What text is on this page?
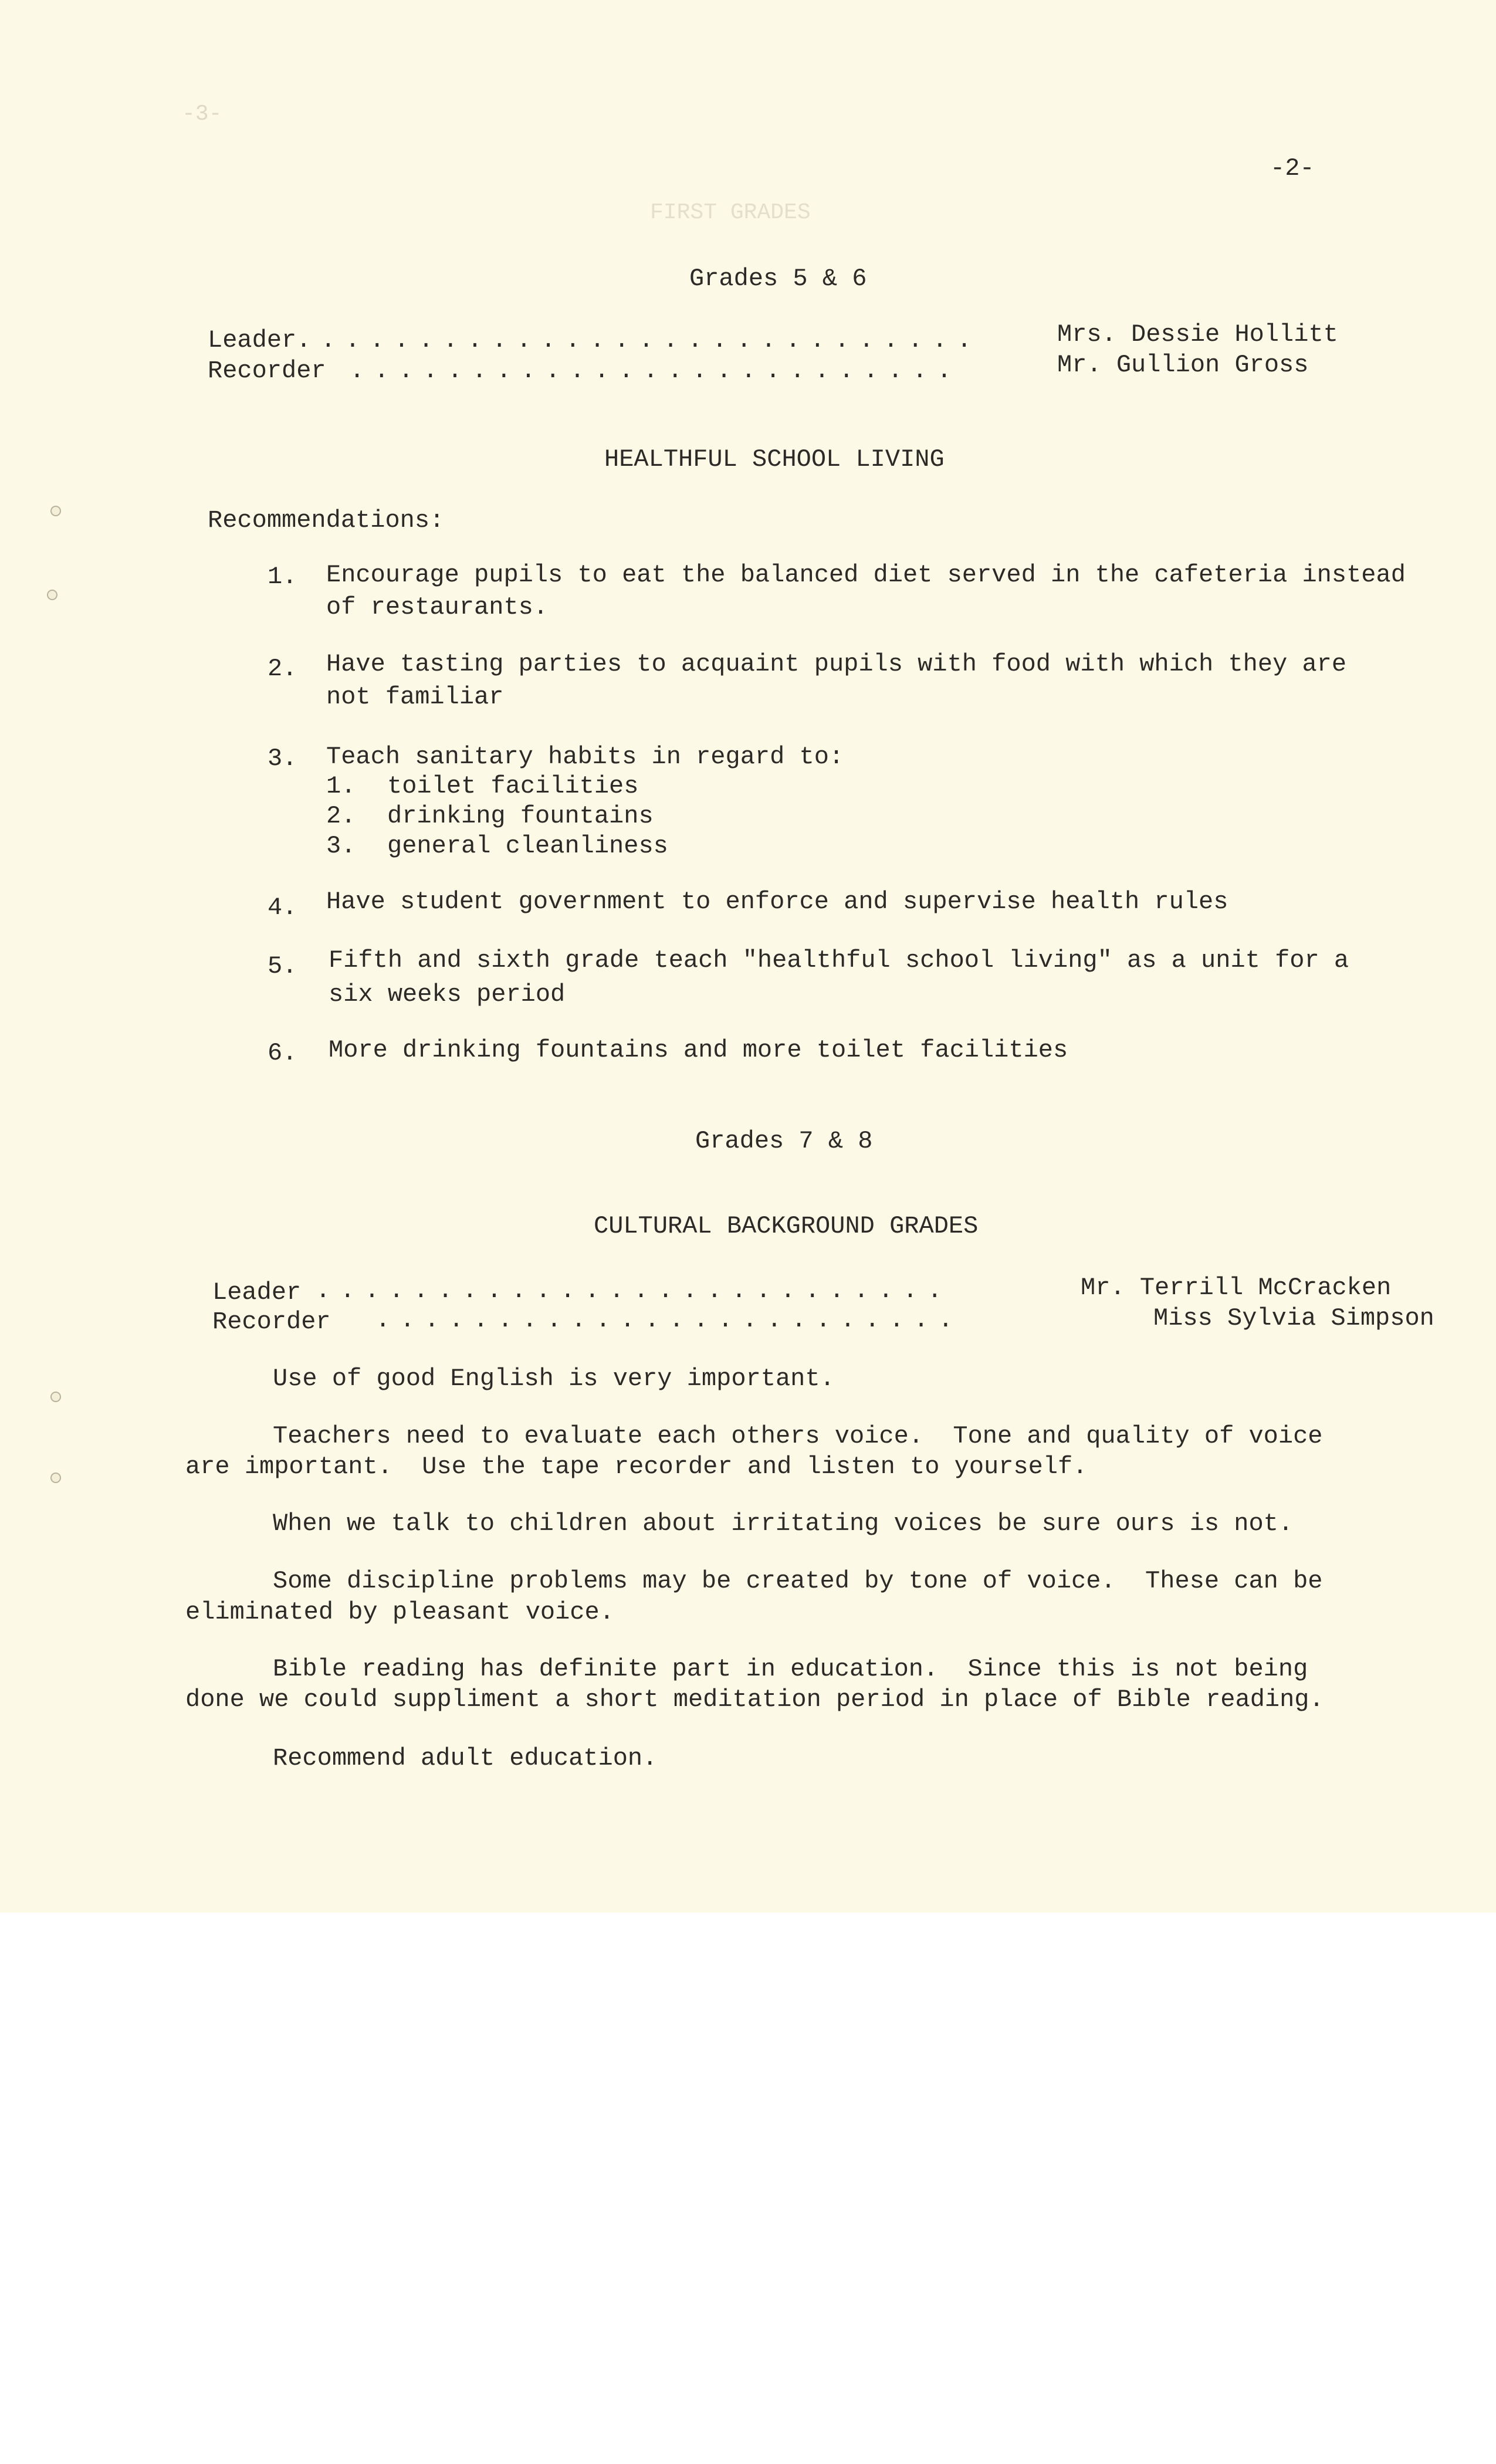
-3-

FIRST GRADES

-2-

Grades 5 & 6

Leader ............................	Mrs. Dessie Hollitt

Recorder .........................	Mr. Gullion Gross

HEALTHFUL SCHOOL LIVING

Recommendations:

1. Encourage pupils to eat the balanced diet served in the cafeteria instead

of restaurants.

2. Have tasting parties to acquaint pupils with food with which they are

not familiar

3. Teach sanitary habits in regard to:

1. toilet facilities

2. drinking fountains

3. general cleanliness

4. Have student government to enforce and supervise health rules

5. Fifth and sixth grade teach "healthful school living" as a unit for a

six weeks period

6. More drinking fountains and more toilet facilities

Grades 7 & 8

CULTURAL BACKGROUND GRADES

Leader ..........................	Mr. Terrill McCracken

Recorder ........................	Miss Sylvia Simpson

Use of good English is very important.

Teachers need to evaluate each others voice.  Tone and quality of voice

are important.  Use the tape recorder and listen to yourself.

When we talk to children about irritating voices be sure ours is not.

Some discipline problems may be created by tone of voice.  These can be

eliminated by pleasant voice.

Bible reading has definite part in education.  Since this is not being

done we could suppliment a short meditation period in place of Bible reading.

Recommend adult education.
